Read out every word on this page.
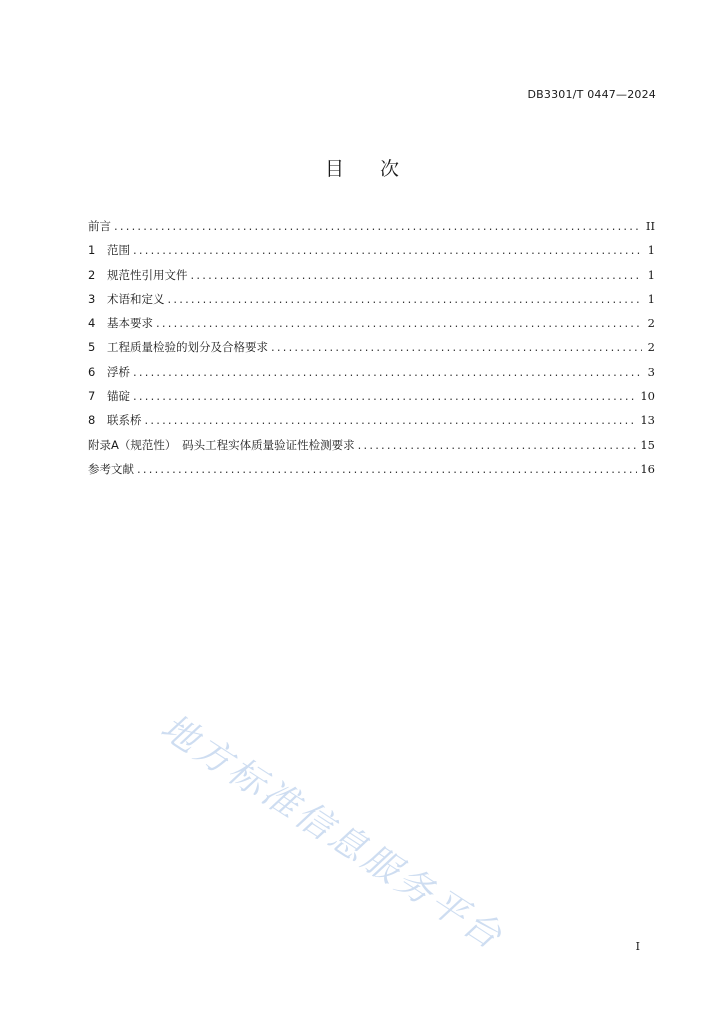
DB3301/T 0447—2024
目 次
前言 .....	II
1	范围 .....	1
2	规范性引用文件 .....	1
3	术语和定义 .....	1
4	基本要求 .....	2
5	工程质量检验的划分及合格要求 .....	2
6	浮桥 .....	3
7	锚碇 .....	10
8	联系桥 .....	13
附录A（规范性）　码头工程实体质量验证性检测要求 .....	15
参考文献 .....	16
地方标准信息服务平台	I
